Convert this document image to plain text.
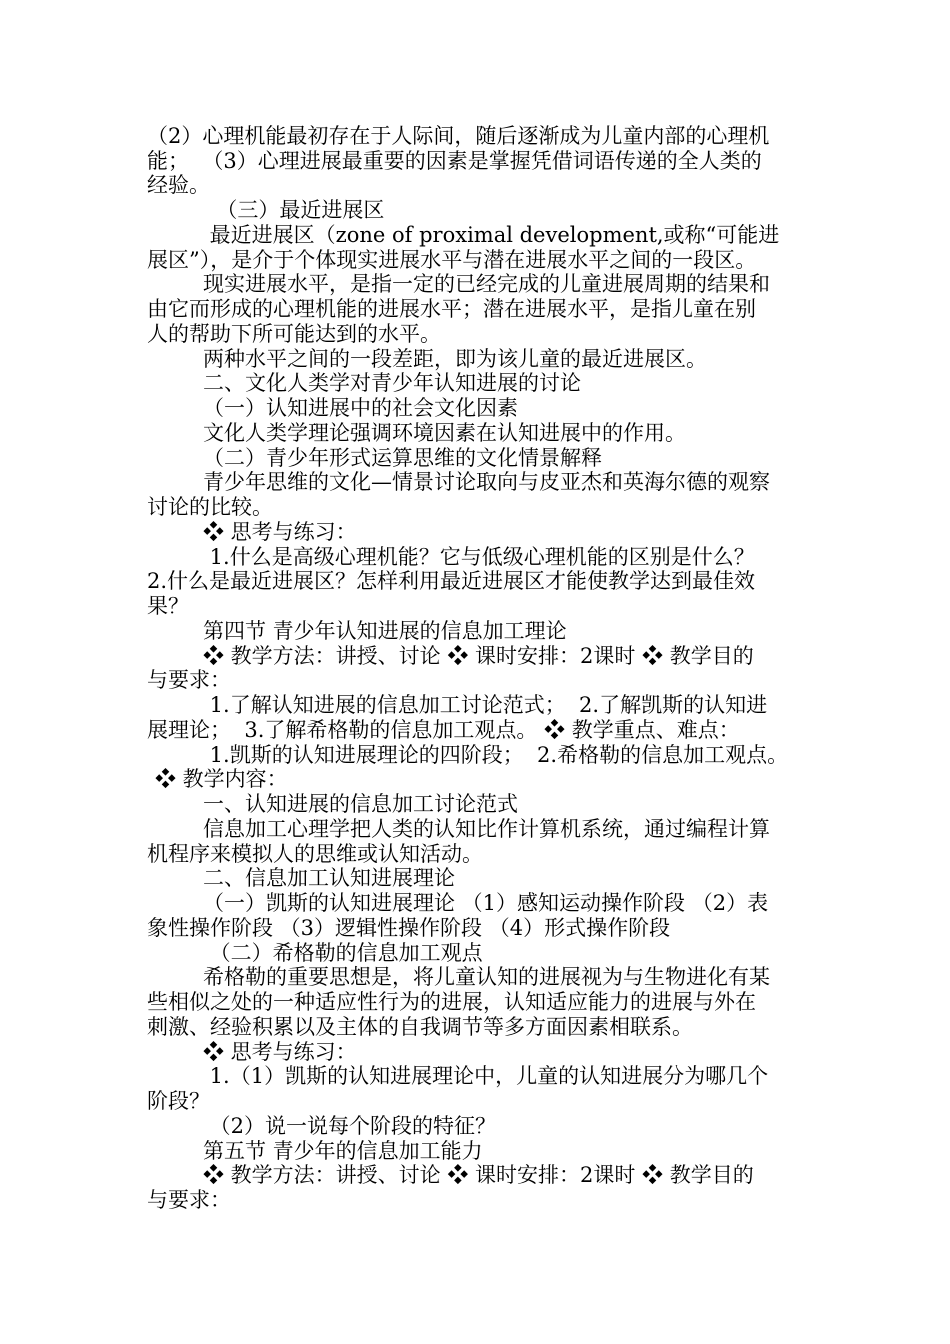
（2）心理机能最初存在于人际间，随后逐渐成为儿童内部的心理机
能；  （3）心理进展最重要的因素是掌握凭借词语传递的全人类的
经验。
（三）最近进展区
最近进展区（zone of proximal development,或称“可能进
展区”），是介于个体现实进展水平与潜在进展水平之间的一段区。
现实进展水平，是指一定的已经完成的儿童进展周期的结果和
由它而形成的心理机能的进展水平；潜在进展水平，是指儿童在别
人的帮助下所可能达到的水平。
两种水平之间的一段差距，即为该儿童的最近进展区。
二、文化人类学对青少年认知进展的讨论
（一）认知进展中的社会文化因素
文化人类学理论强调环境因素在认知进展中的作用。
（二）青少年形式运算思维的文化情景解释
青少年思维的文化—情景讨论取向与皮亚杰和英海尔德的观察
讨论的比较。
❖ 思考与练习：
1.什么是高级心理机能？它与低级心理机能的区别是什么？
2.什么是最近进展区？怎样利用最近进展区才能使教学达到最佳效
果？
第四节 青少年认知进展的信息加工理论
❖ 教学方法：讲授、讨论 ❖ 课时安排：2课时 ❖ 教学目的
与要求：
1.了解认知进展的信息加工讨论范式；  2.了解凯斯的认知进
展理论；  3.了解希格勒的信息加工观点。 ❖ 教学重点、难点：
1.凯斯的认知进展理论的四阶段；  2.希格勒的信息加工观点。
❖ 教学内容：
一、认知进展的信息加工讨论范式
信息加工心理学把人类的认知比作计算机系统，通过编程计算
机程序来模拟人的思维或认知活动。
二、信息加工认知进展理论
（一）凯斯的认知进展理论 （1）感知运动操作阶段 （2）表
象性操作阶段 （3）逻辑性操作阶段 （4）形式操作阶段
（二）希格勒的信息加工观点
希格勒的重要思想是，将儿童认知的进展视为与生物进化有某
些相似之处的一种适应性行为的进展，认知适应能力的进展与外在
刺激、经验积累以及主体的自我调节等多方面因素相联系。
❖ 思考与练习：
1.（1）凯斯的认知进展理论中，儿童的认知进展分为哪几个
阶段？
（2）说一说每个阶段的特征？
第五节 青少年的信息加工能力
❖ 教学方法：讲授、讨论 ❖ 课时安排：2课时 ❖ 教学目的
与要求：
